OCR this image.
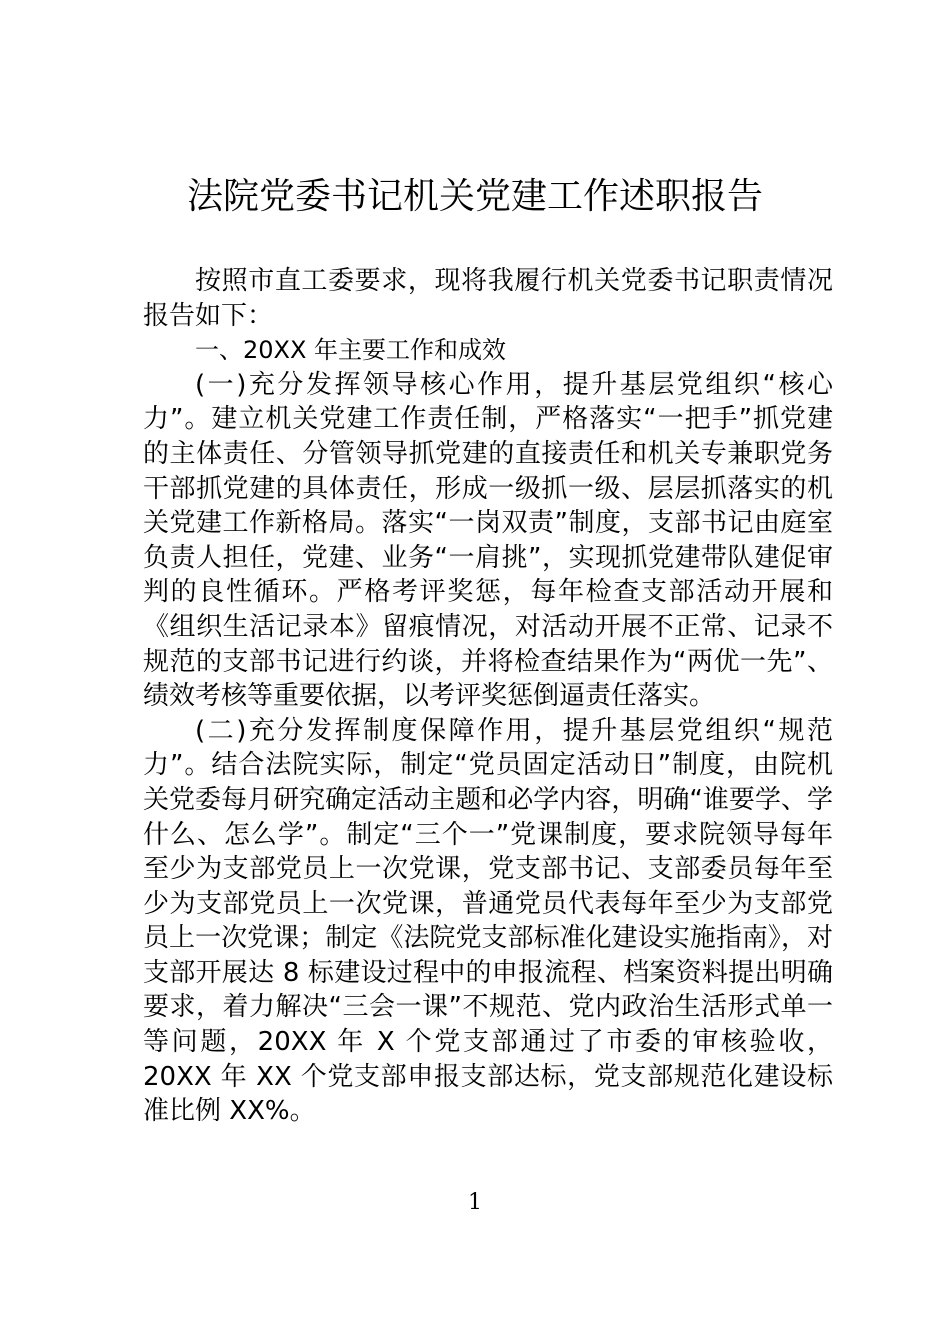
法院党委书记机关党建工作述职报告

按照市直工委要求，现将我履行机关党委书记职责情况报告如下：

一、20XX 年主要工作和成效

(一)充分发挥领导核心作用，提升基层党组织“核心力”。建立机关党建工作责任制，严格落实“一把手”抓党建的主体责任、分管领导抓党建的直接责任和机关专兼职党务干部抓党建的具体责任，形成一级抓一级、层层抓落实的机关党建工作新格局。落实“一岗双责”制度，支部书记由庭室负责人担任，党建、业务“一肩挑”，实现抓党建带队建促审判的良性循环。严格考评奖惩，每年检查支部活动开展和《组织生活记录本》留痕情况，对活动开展不正常、记录不规范的支部书记进行约谈，并将检查结果作为“两优一先”、绩效考核等重要依据，以考评奖惩倒逼责任落实。

(二)充分发挥制度保障作用，提升基层党组织“规范力”。结合法院实际，制定“党员固定活动日”制度，由院机关党委每月研究确定活动主题和必学内容，明确“谁要学、学什么、怎么学”。制定“三个一”党课制度，要求院领导每年至少为支部党员上一次党课，党支部书记、支部委员每年至少为支部党员上一次党课，普通党员代表每年至少为支部党员上一次党课；制定《法院党支部标准化建设实施指南》，对支部开展达 8 标建设过程中的申报流程、档案资料提出明确要求，着力解决“三会一课”不规范、党内政治生活形式单一等问题，20XX 年 X 个党支部通过了市委的审核验收，20XX 年 XX 个党支部申报支部达标，党支部规范化建设标准比例 XX%。

1
